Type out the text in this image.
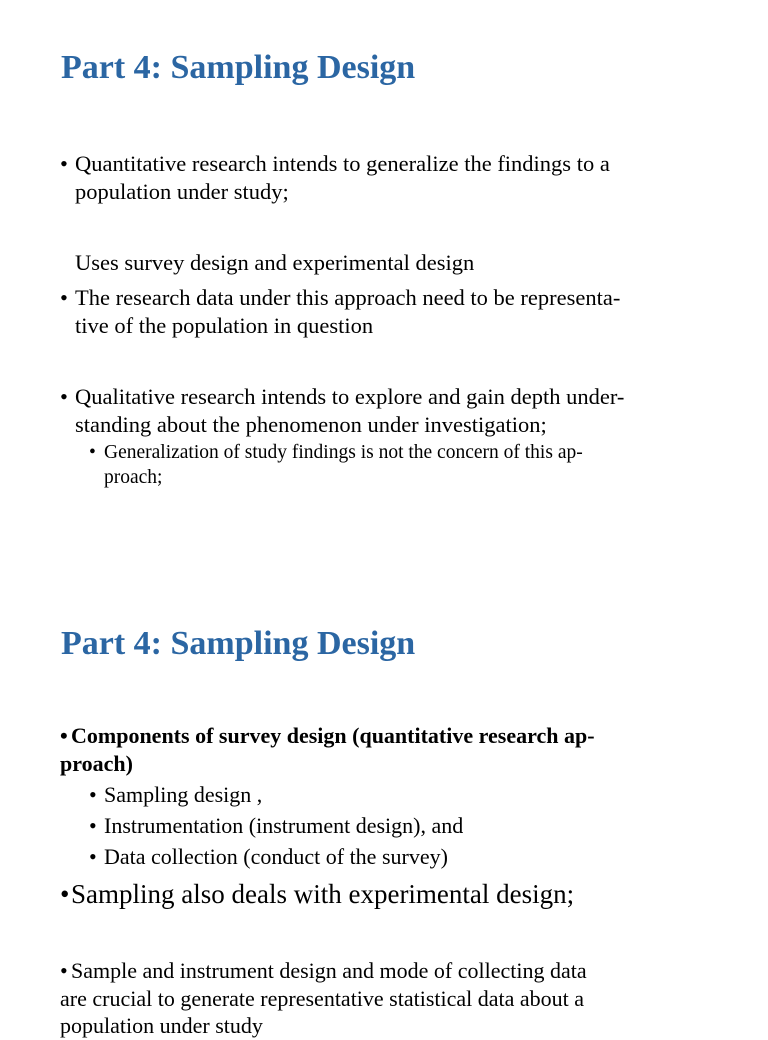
Part 4: Sampling Design
• Quantitative research intends to generalize the findings to a
population under study;
Uses survey design and experimental design
• The research data under this approach need to be representa-
tive of the population in question
• Qualitative research intends to explore and gain depth under-
standing about the phenomenon under investigation;
• Generalization of study findings is not the concern of this ap-
proach;
Part 4: Sampling Design
• Components of survey design (quantitative research ap-
proach)
• Sampling design ,
• Instrumentation (instrument design), and
• Data collection (conduct of the survey)
• Sampling also deals with experimental design;
• Sample and instrument design and mode of collecting data
are crucial to generate representative statistical data about a
population under study
